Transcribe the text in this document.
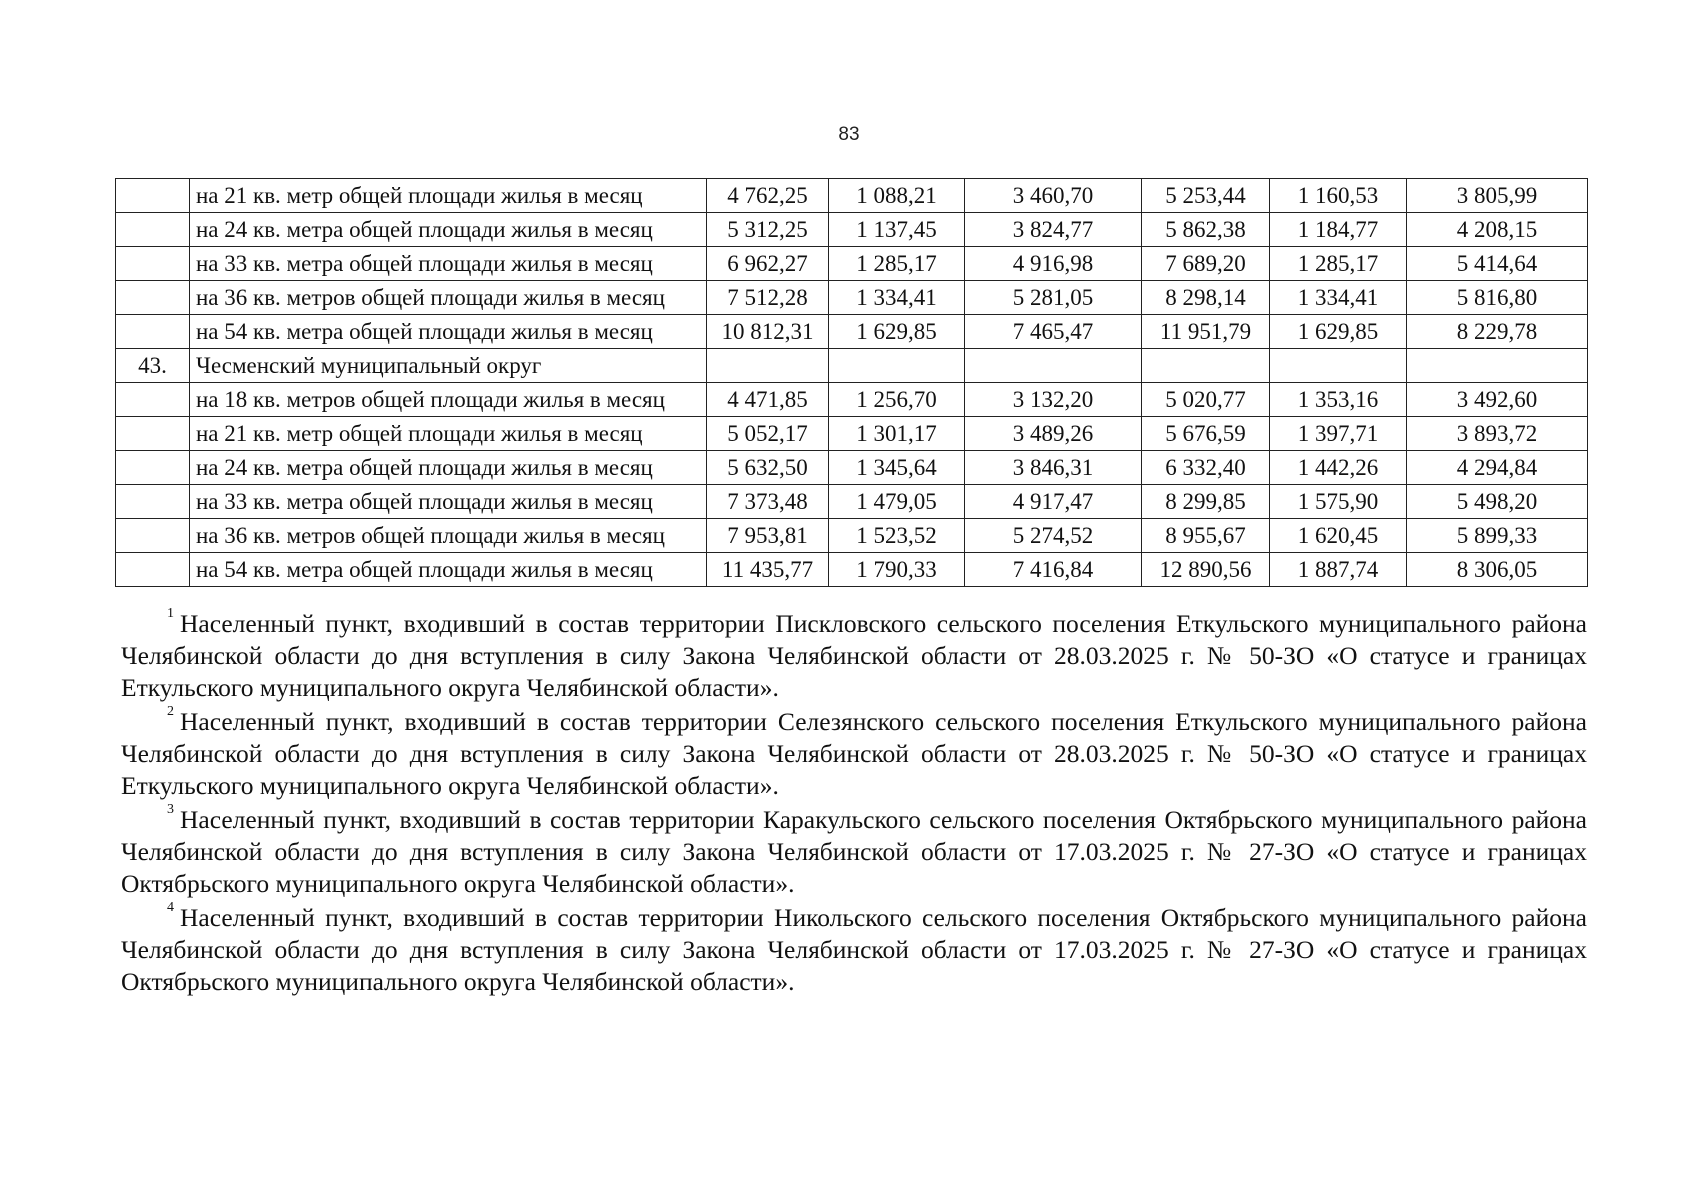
83
	на 21 кв. метр общей площади жилья в месяц	4 762,25	1 088,21	3 460,70	5 253,44	1 160,53	3 805,99
	на 24 кв. метра общей площади жилья в месяц	5 312,25	1 137,45	3 824,77	5 862,38	1 184,77	4 208,15
	на 33 кв. метра общей площади жилья в месяц	6 962,27	1 285,17	4 916,98	7 689,20	1 285,17	5 414,64
	на 36 кв. метров общей площади жилья в месяц	7 512,28	1 334,41	5 281,05	8 298,14	1 334,41	5 816,80
	на 54 кв. метра общей площади жилья в месяц	10 812,31	1 629,85	7 465,47	11 951,79	1 629,85	8 229,78
43.	Чесменский муниципальный округ						
	на 18 кв. метров общей площади жилья в месяц	4 471,85	1 256,70	3 132,20	5 020,77	1 353,16	3 492,60
	на 21 кв. метр общей площади жилья в месяц	5 052,17	1 301,17	3 489,26	5 676,59	1 397,71	3 893,72
	на 24 кв. метра общей площади жилья в месяц	5 632,50	1 345,64	3 846,31	6 332,40	1 442,26	4 294,84
	на 33 кв. метра общей площади жилья в месяц	7 373,48	1 479,05	4 917,47	8 299,85	1 575,90	5 498,20
	на 36 кв. метров общей площади жилья в месяц	7 953,81	1 523,52	5 274,52	8 955,67	1 620,45	5 899,33
	на 54 кв. метра общей площади жилья в месяц	11 435,77	1 790,33	7 416,84	12 890,56	1 887,74	8 306,05

$^1$ Населенный пункт, входивший в состав территории Пискловского сельского поселения Еткульского муниципального района Челябинской области до дня вступления в силу Закона Челябинской области от 28.03.2025 г. № 50-ЗО «О статусе и границах Еткульского муниципального округа Челябинской области».

$^2$ Населенный пункт, входивший в состав территории Селезянского сельского поселения Еткульского муниципального района Челябинской области до дня вступления в силу Закона Челябинской области от 28.03.2025 г. № 50-ЗО «О статусе и границах Еткульского муниципального округа Челябинской области».

$^3$ Населенный пункт, входивший в состав территории Каракульского сельского поселения Октябрьского муниципального района Челябинской области до дня вступления в силу Закона Челябинской области от 17.03.2025 г. № 27-ЗО «О статусе и границах Октябрьского муниципального округа Челябинской области».

$^4$ Населенный пункт, входивший в состав территории Никольского сельского поселения Октябрьского муниципального района Челябинской области до дня вступления в силу Закона Челябинской области от 17.03.2025 г. № 27-ЗО «О статусе и границах Октябрьского муниципального округа Челябинской области».
